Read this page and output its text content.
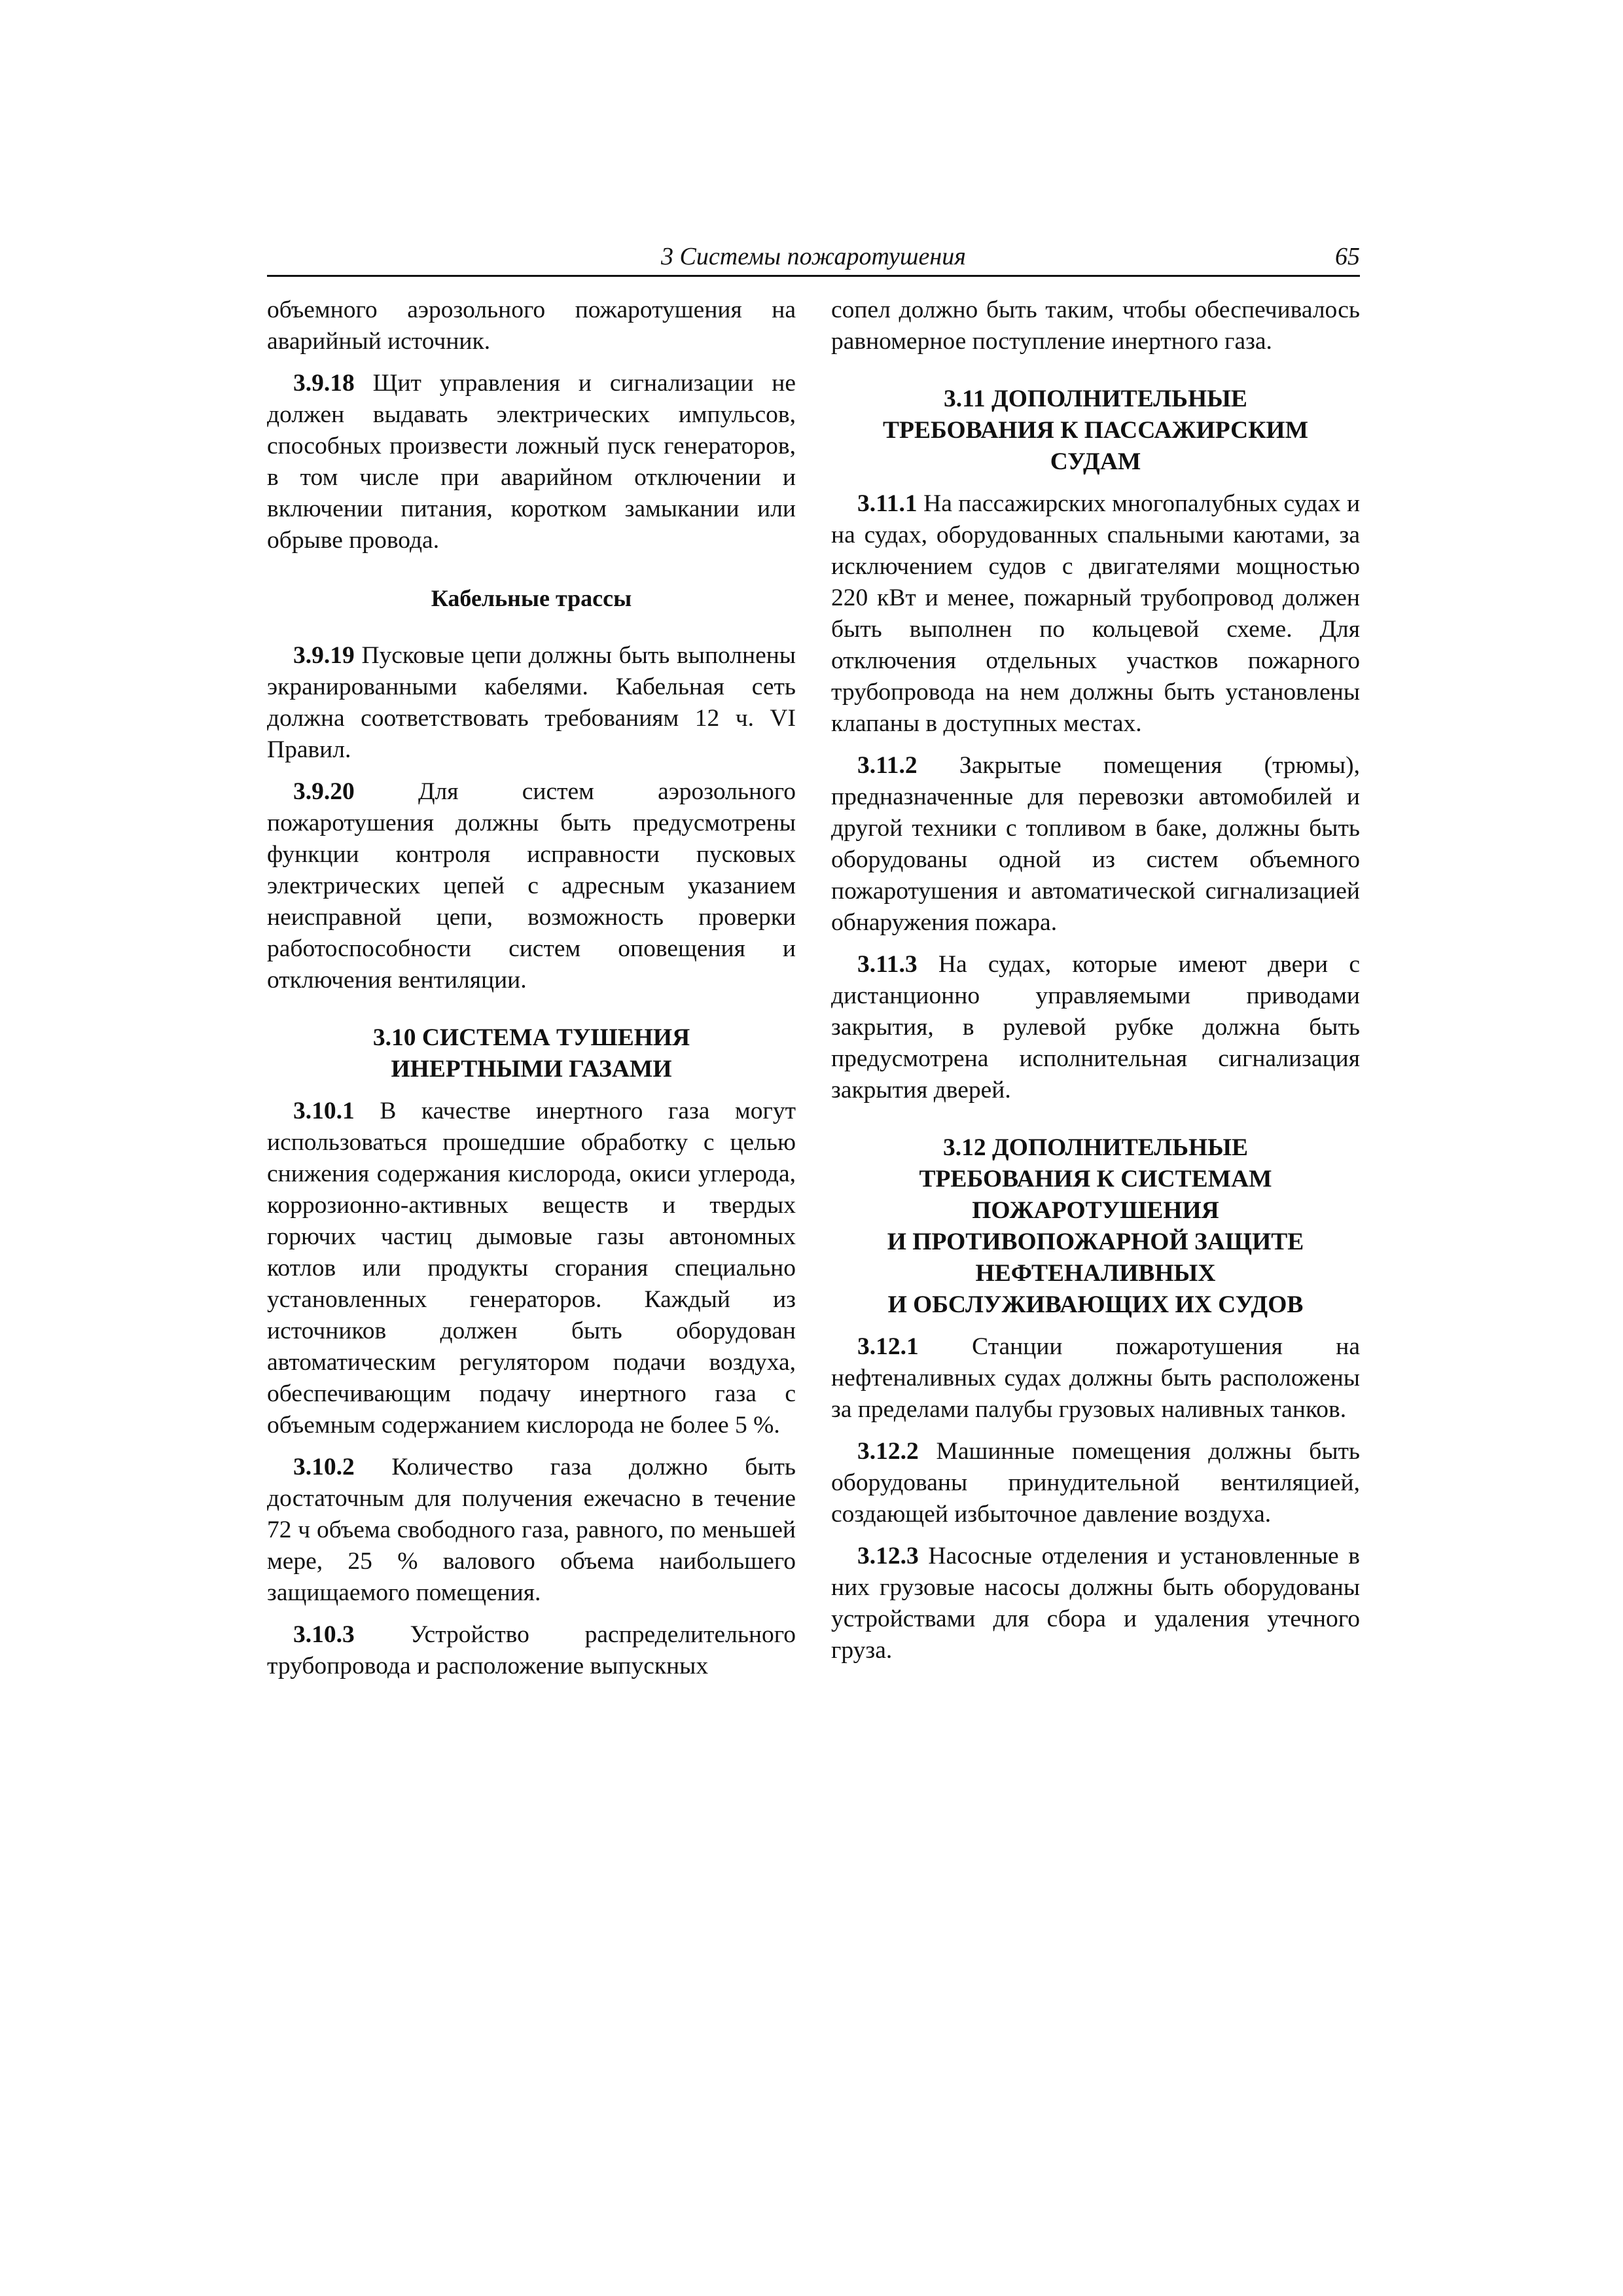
3 Системы пожаротушения	65

объемного аэрозольного пожаротушения на аварийный источник.

3.9.18 Щит управления и сигнализации не должен выдавать электрических импульсов, способных произвести ложный пуск генераторов, в том числе при аварийном отключении и включении питания, коротком замыкании или обрыве провода.

Кабельные трассы

3.9.19 Пусковые цепи должны быть выполнены экранированными кабелями. Кабельная сеть должна соответствовать требованиям 12 ч. VI Правил.

3.9.20	Для систем аэрозольного пожаротушения должны быть предусмотрены функции контроля исправности пусковых электрических цепей с адресным указанием неисправной цепи, возможность проверки работоспособности систем оповещения и отключения вентиляции.

3.10 СИСТЕМА ТУШЕНИЯ

ИНЕРТНЫМИ ГАЗАМИ

3.10.1 В качестве инертного газа могут использоваться прошедшие обработку с целью снижения содержания кислорода, окиси углерода, коррозионно-активных веществ и твердых горючих частиц дымовые газы автономных котлов или продукты сгорания специально установленных генераторов. Каждый из источников должен быть оборудован автоматическим регулятором подачи воздуха, обеспечивающим подачу инертного газа с объемным содержанием кислорода не более 5 %.

3.10.2 Количество газа должно быть достаточным для получения ежечасно в течение 72 ч объема свободного газа, равного, по меньшей мере, 25 % валового объема наибольшего защищаемого помещения.

3.10.3 Устройство распределительного трубопровода и расположение выпускных

сопел должно быть таким, чтобы обеспечивалось равномерное поступление инертного газа.

3.11 ДОПОЛНИТЕЛЬНЫЕ

ТРЕБОВАНИЯ К ПАССАЖИРСКИМ

СУДАМ

3.11.1 На пассажирских многопалубных судах и на судах, оборудованных спальными каютами, за исключением судов с двигателями мощностью 220 кВт и менее, пожарный трубопровод должен быть выполнен по кольцевой схеме. Для отключения отдельных участков пожарного трубопровода на нем должны быть установлены клапаны в доступных местах.

3.11.2 Закрытые помещения (трюмы), предназначенные для перевозки автомобилей и другой техники с топливом в баке, должны быть оборудованы одной из систем объемного пожаротушения и автоматической сигнализацией обнаружения пожара.

3.11.3 На судах, которые имеют двери с дистанционно управляемыми приводами закрытия, в рулевой рубке должна быть предусмотрена исполнительная сигнализация закрытия дверей.

3.12 ДОПОЛНИТЕЛЬНЫЕ

ТРЕБОВАНИЯ К СИСТЕМАМ

ПОЖАРОТУШЕНИЯ

И ПРОТИВОПОЖАРНОЙ ЗАЩИТЕ

НЕФТЕНАЛИВНЫХ

И ОБСЛУЖИВАЮЩИХ ИХ СУДОВ

3.12.1 Станции пожаротушения на нефтеналивных судах должны быть расположены за пределами палубы грузовых наливных танков.

3.12.2 Машинные помещения должны быть оборудованы принудительной вентиляцией, создающей избыточное давление воздуха.

3.12.3 Насосные отделения и установленные в них грузовые насосы должны быть оборудованы устройствами для сбора и удаления утечного груза.
